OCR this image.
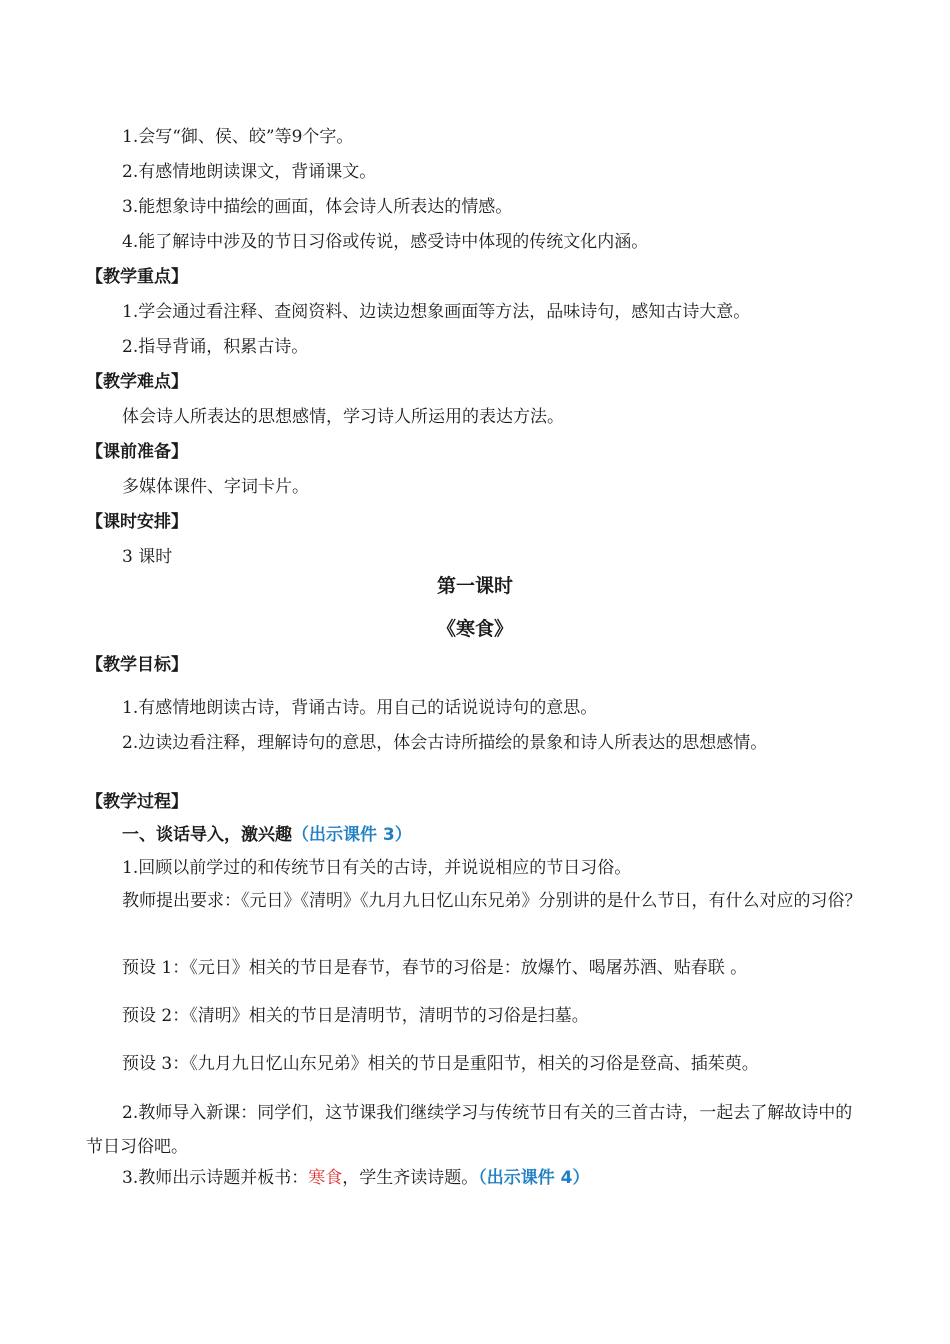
1.会写“御、侯、皎”等9个字。
2.有感情地朗读课文，背诵课文。
3.能想象诗中描绘的画面，体会诗人所表达的情感。
4.能了解诗中涉及的节日习俗或传说，感受诗中体现的传统文化内涵。
【教学重点】
1.学会通过看注释、查阅资料、边读边想象画面等方法，品味诗句，感知古诗大意。
2.指导背诵，积累古诗。
【教学难点】
体会诗人所表达的思想感情，学习诗人所运用的表达方法。
【课前准备】
多媒体课件、字词卡片。
【课时安排】
3 课时
第一课时
《寒食》
【教学目标】
1.有感情地朗读古诗，背诵古诗。用自己的话说说诗句的意思。
2.边读边看注释，理解诗句的意思，体会古诗所描绘的景象和诗人所表达的思想感情。
【教学过程】
一、谈话导入，激兴趣（出示课件 3）
1.回顾以前学过的和传统节日有关的古诗，并说说相应的节日习俗。
教师提出要求：《元日》《清明》《九月九日忆山东兄弟》分别讲的是什么节日，有什么对应的习俗？
预设 1：《元日》相关的节日是春节，春节的习俗是：放爆竹、喝屠苏酒、贴春联 。
预设 2：《清明》相关的节日是清明节，清明节的习俗是扫墓。
预设 3：《九月九日忆山东兄弟》相关的节日是重阳节，相关的习俗是登高、插茱萸。
2.教师导入新课：同学们，这节课我们继续学习与传统节日有关的三首古诗，一起去了解故诗中的节日习俗吧。
3.教师出示诗题并板书：寒食，学生齐读诗题。（出示课件 4）
